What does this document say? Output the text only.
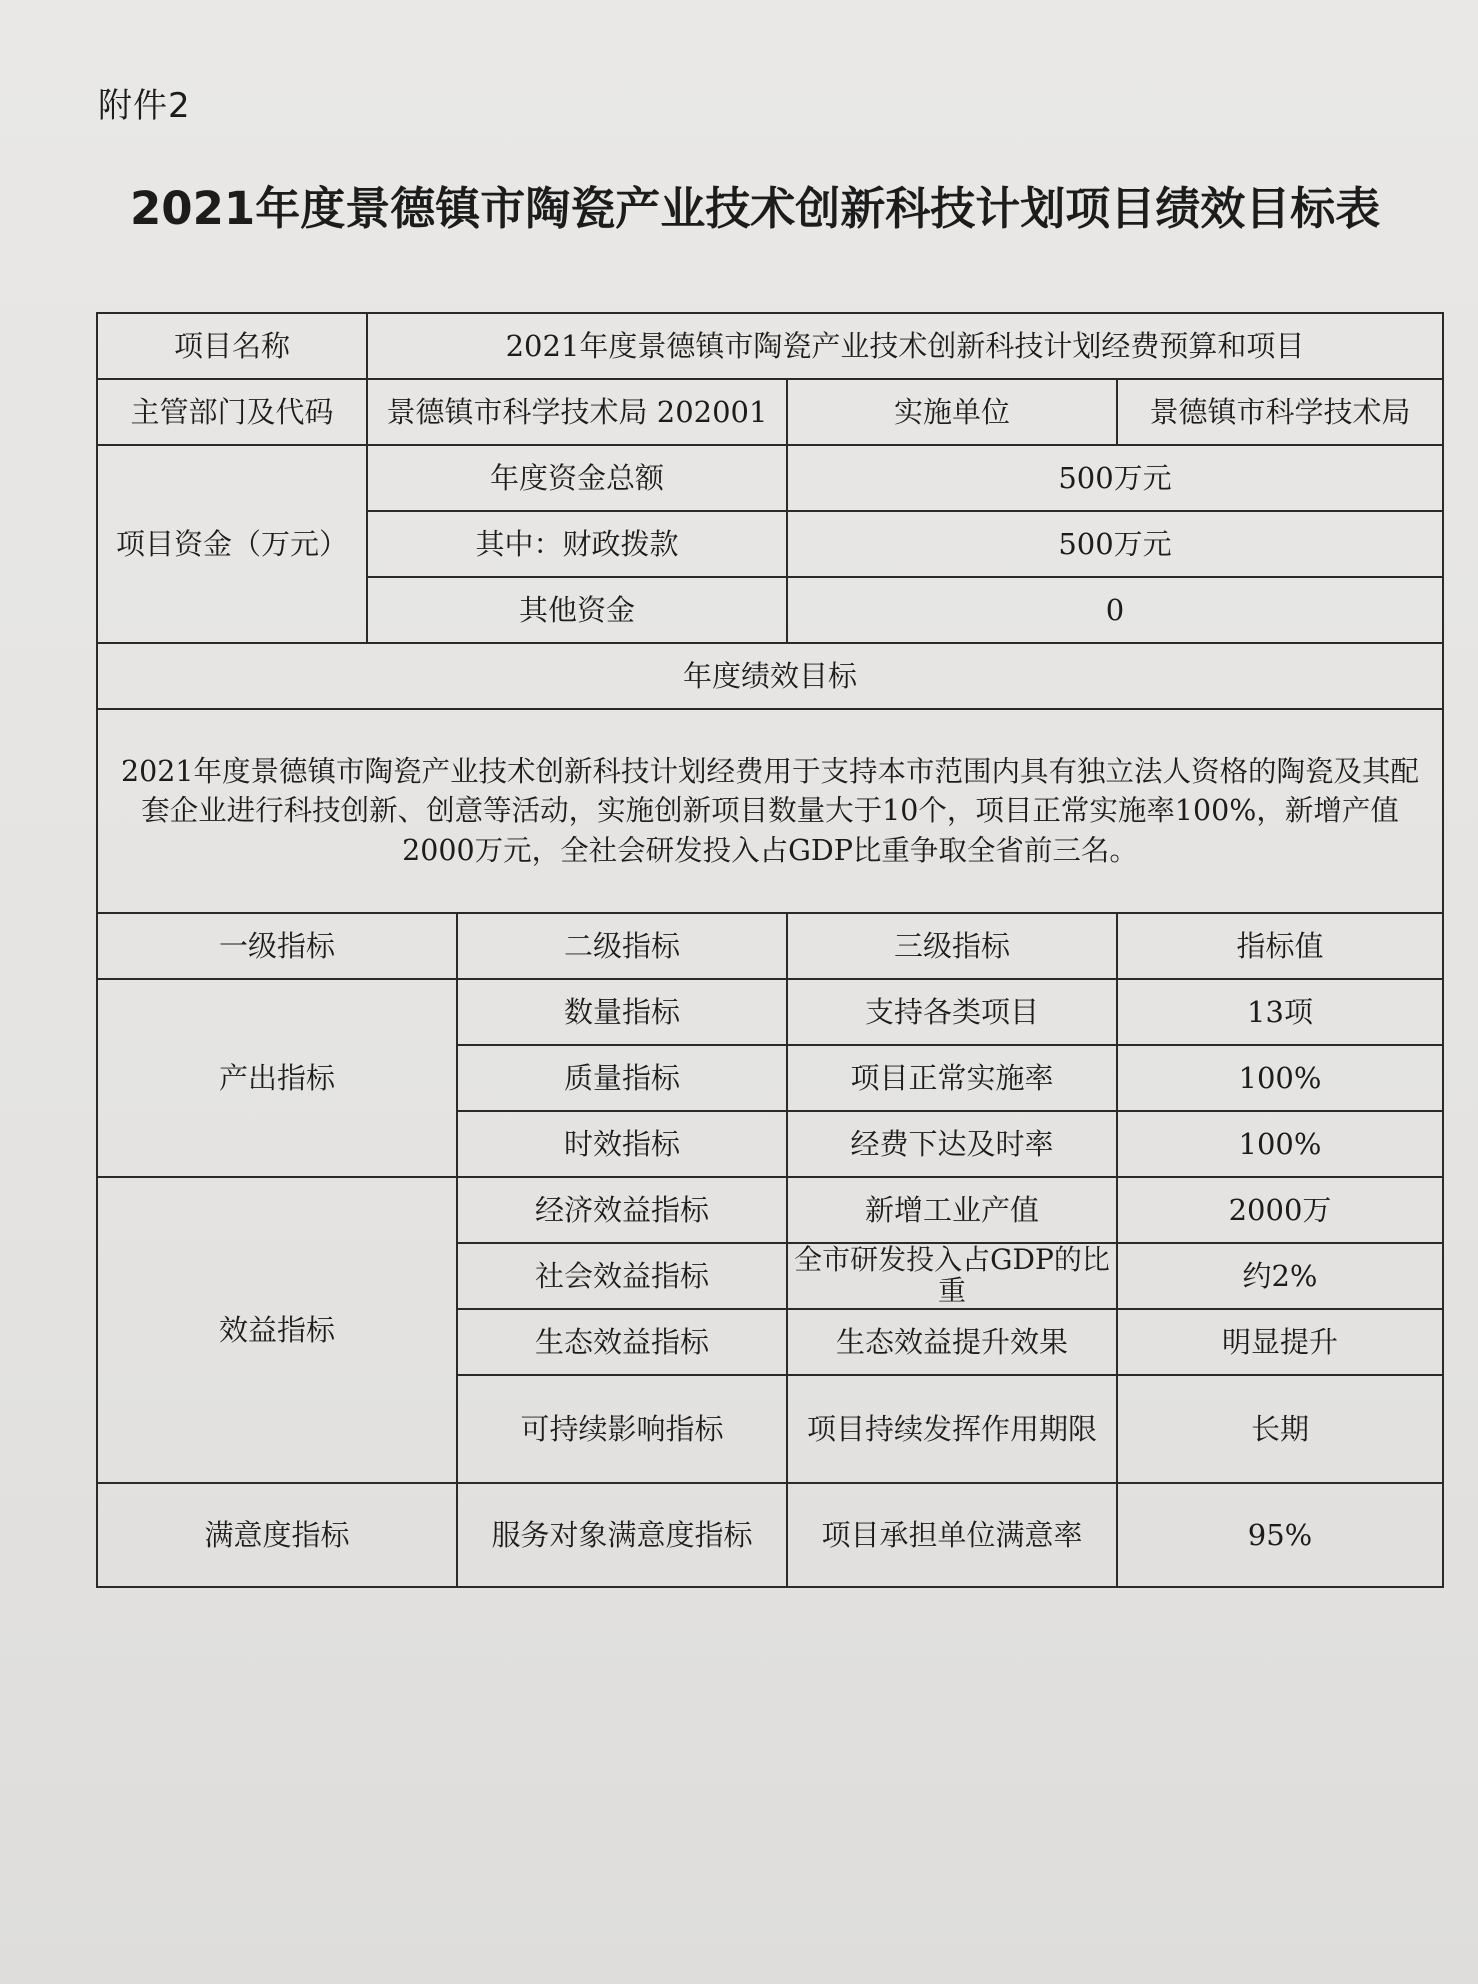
附件2
2021年度景德镇市陶瓷产业技术创新科技计划项目绩效目标表
项目名称	2021年度景德镇市陶瓷产业技术创新科技计划经费预算和项目			
主管部门及代码	景德镇市科学技术局 202001		实施单位	景德镇市科学技术局
项目资金（万元）	年度资金总额		500万元	
	其中：财政拨款		500万元	
	其他资金		0	
年度绩效目标				
2021年度景德镇市陶瓷产业技术创新科技计划经费用于支持本市范围内具有独立法人资格的陶瓷及其配套企业进行科技创新、创意等活动，实施创新项目数量大于10个，项目正常实施率100%，新增产值2000万元，全社会研发投入占GDP比重争取全省前三名。				
一级指标		二级指标	三级指标	指标值
产出指标		数量指标	支持各类项目	13项
		质量指标	项目正常实施率	100%
		时效指标	经费下达及时率	100%
效益指标		经济效益指标	新增工业产值	2000万
		社会效益指标	全市研发投入占GDP的比重	约2%
		生态效益指标	生态效益提升效果	明显提升
		可持续影响指标	项目持续发挥作用期限	长期
满意度指标		服务对象满意度指标	项目承担单位满意率	95%
